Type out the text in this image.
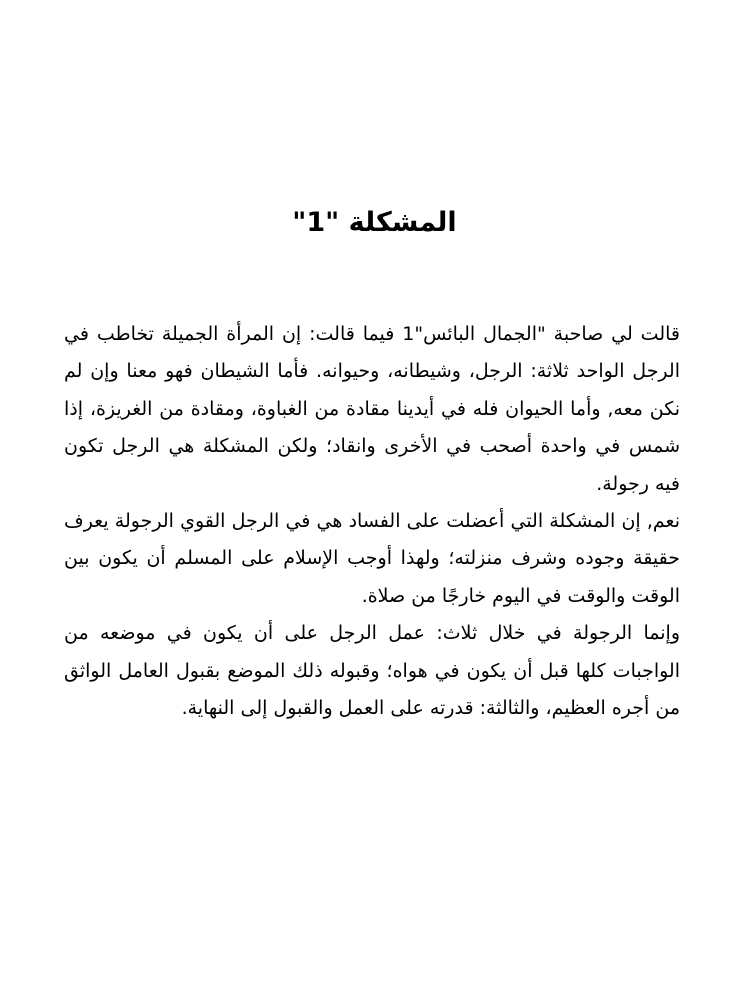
المشكلة "1"

قالت لي صاحبة "الجمال البائس"1 فيما قالت: إن المرأة الجميلة تخاطب في الرجل الواحد ثلاثة: الرجل، وشيطانه، وحيوانه. فأما الشيطان فهو معنا وإن لم نكن معه, وأما الحيوان فله في أيدينا مقادة من الغباوة، ومقادة من الغريزة، إذا شمس في واحدة أصحب في الأخرى وانقاد؛ ولكن المشكلة هي الرجل تكون فيه رجولة.

نعم, إن المشكلة التي أعضلت على الفساد هي في الرجل القوي الرجولة يعرف حقيقة وجوده وشرف منزلته؛ ولهذا أوجب الإسلام على المسلم أن يكون بين الوقت والوقت في اليوم خارجًا من صلاة.

وإنما الرجولة في خلال ثلاث: عمل الرجل على أن يكون في موضعه من الواجبات كلها قبل أن يكون في هواه؛ وقبوله ذلك الموضع بقبول العامل الواثق من أجره العظيم، والثالثة: قدرته على العمل والقبول إلى النهاية.
